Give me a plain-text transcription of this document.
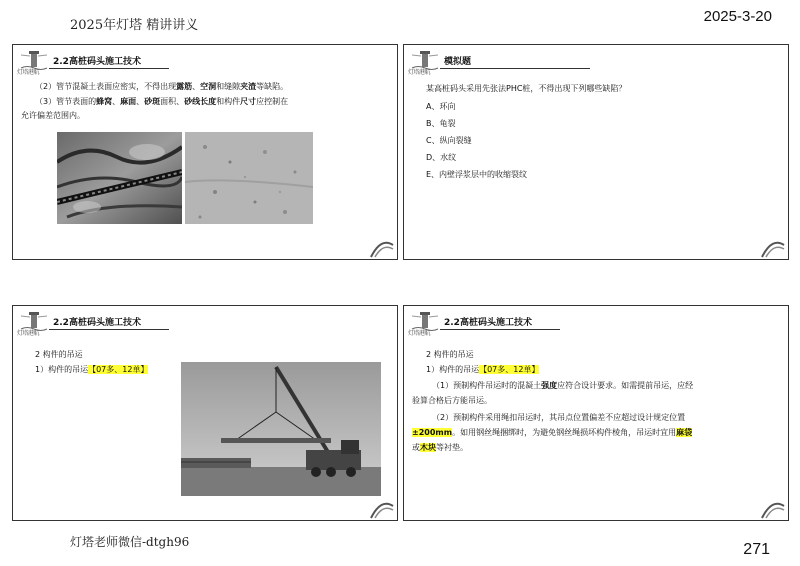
2025年灯塔 精讲讲义
2025-3-20
灯塔老师微信-dtgh96	271
灯塔港航
2.2高桩码头施工技术
（2）管节混凝土表面应密实，不得出现露筋、空洞和缝隙夹渣等缺陷。
（3）管节表面的蜂窝、麻面、砂斑面积、砂线长度和构件尺寸应控制在
允许偏差范围内。
灯塔港航
模拟题
某高桩码头采用先张法PHC桩，不得出现下列哪些缺陷？
A、环向
B、龟裂
C、纵向裂缝
D、水纹
E、内壁浮浆层中的收缩裂纹
灯塔港航
2.2高桩码头施工技术
2 构件的吊运
1）构件的吊运【07多、12单】
灯塔港航
2.2高桩码头施工技术
2 构件的吊运
1）构件的吊运【07多、12单】
（1）预制构件吊运时的混凝土强度应符合设计要求。如需提前吊运，应经
验算合格后方能吊运。
（2）预制构件采用绳扣吊运时，其吊点位置偏差不应超过设计规定位置
±200mm。如用钢丝绳捆绑时，为避免钢丝绳损坏构件棱角，吊运时宜用麻袋
或木块等衬垫。
